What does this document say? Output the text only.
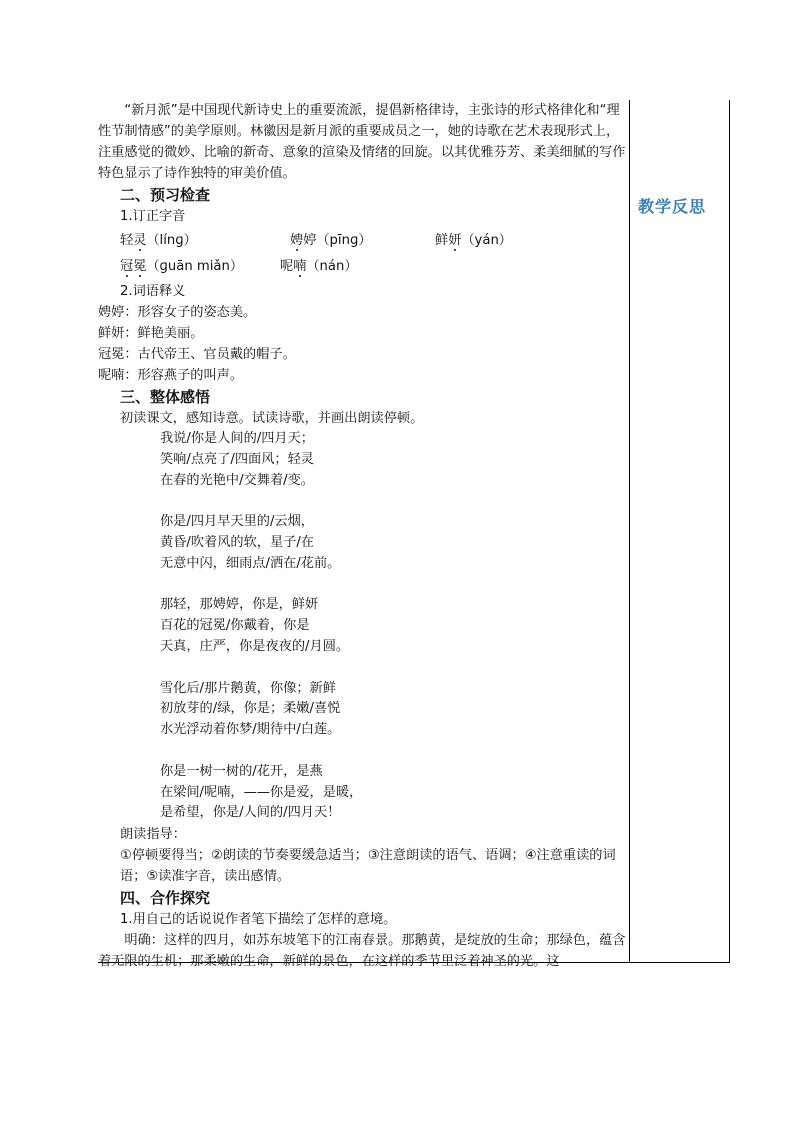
教学反思

“新月派”是中国现代新诗史上的重要流派，提倡新格律诗，主张诗的形式格律化和“理性节制情感”的美学原则。林徽因是新月派的重要成员之一，她的诗歌在艺术表现形式上，注重感觉的微妙、比喻的新奇、意象的渲染及情绪的回旋。以其优雅芬芳、柔美细腻的写作特色显示了诗作独特的审美价值。

二、预习检查

1.订正字音

轻灵（lí‌nɡ）	娉婷（pīnɡ）	鲜妍（yán）
冠冕（ɡuān miǎn）	呢喃（nán）

2.词语释义

娉婷：形容女子的姿态美。

鲜妍：鲜艳美丽。

冠冕：古代帝王、官员戴的帽子。

呢喃：形容燕子的叫声。

三、整体感悟

初读课文，感知诗意。试读诗歌，并画出朗读停顿。

我说/你是人间的/四月天；

笑响/点亮了/四面风；轻灵

在春的光艳中/交舞着/变。

你是/四月早天里的/云烟，

黄昏/吹着风的软，星子/在

无意中闪，细雨点/洒在/花前。

那轻，那娉婷，你是，鲜妍

百花的冠冕/你戴着，你是

天真，庄严，你是夜夜的/月圆。

雪化后/那片鹅黄，你像；新鲜

初放芽的/绿，你是；柔嫩/喜悦

水光浮动着你梦/期待中/白莲。

你是一树一树的/花开，是燕

在梁间/呢喃，——你是爱，是暖，

是希望，你是/人间的/四月天！

朗读指导：

①停顿要得当；②朗读的节奏要缓急适当；③注意朗读的语气、语调；④注意重读的词语；⑤读准字音，读出感情。

四、合作探究

1.用自己的话说说作者笔下描绘了怎样的意境。

明确：这样的四月，如苏东坡笔下的江南春景。那鹅黄，是绽放的生命；那绿色，蕴含着无限的生机；那柔嫩的生命，新鲜的景色，在这样的季节里泛着神圣的光。这
